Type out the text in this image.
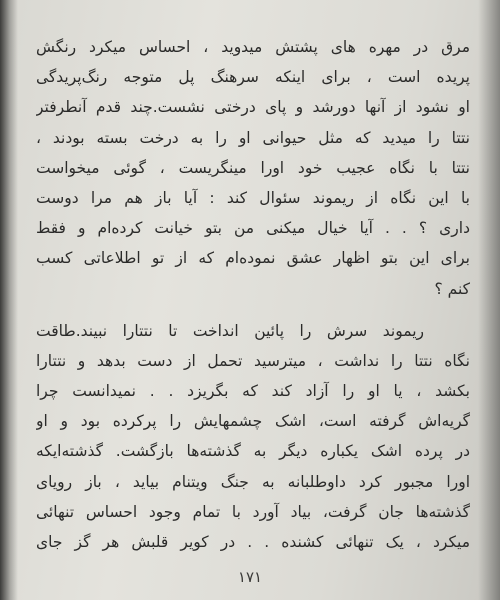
مرق در مهره های پشتش میدوید ، احساس میکرد رنگش
پریده است ، برای اینکه سرهنگ پل متوجه رنگ‌پریدگی
او نشود از آنها دورشد و پای درختی نشست.چند قدم آنطرفتر
نتتا را میدید که مثل حیوانی او را به درخت بسته بودند ،
نتتا با نگاه عجیب خود اورا مینگریست ، گوئی میخواست
با این نگاه از ریموند سئوال کند : آیا باز هم مرا دوست
داری ؟ . . آیا خیال میکنی من بتو خیانت کرده‌ام و فقط
برای این بتو اظهار عشق نموده‌ام که از تو اطلاعاتی کسب
کنم ؟
ریموند سرش را پائین انداخت تا نتتارا نبیند.طاقت
نگاه نتتا را نداشت ، میترسید تحمل از دست بدهد و نتتارا
بکشد ، یا او را آزاد کند که بگریزد . . نمیدانست چرا
گریه‌اش گرفته است، اشک چشمهایش را پرکرده بود و او
در پرده اشک یکباره دیگر به گذشته‌ها بازگشت. گذشته‌ایکه
اورا مجبور کرد داوطلبانه به جنگ ویتنام بیاید ، باز رویای
گذشته‌ها جان گرفت، بیاد آورد با تمام وجود احساس تنهائی
میکرد ، یک تنهائی کشنده . . در کویر قلبش هر گز جای
۱۷۱
